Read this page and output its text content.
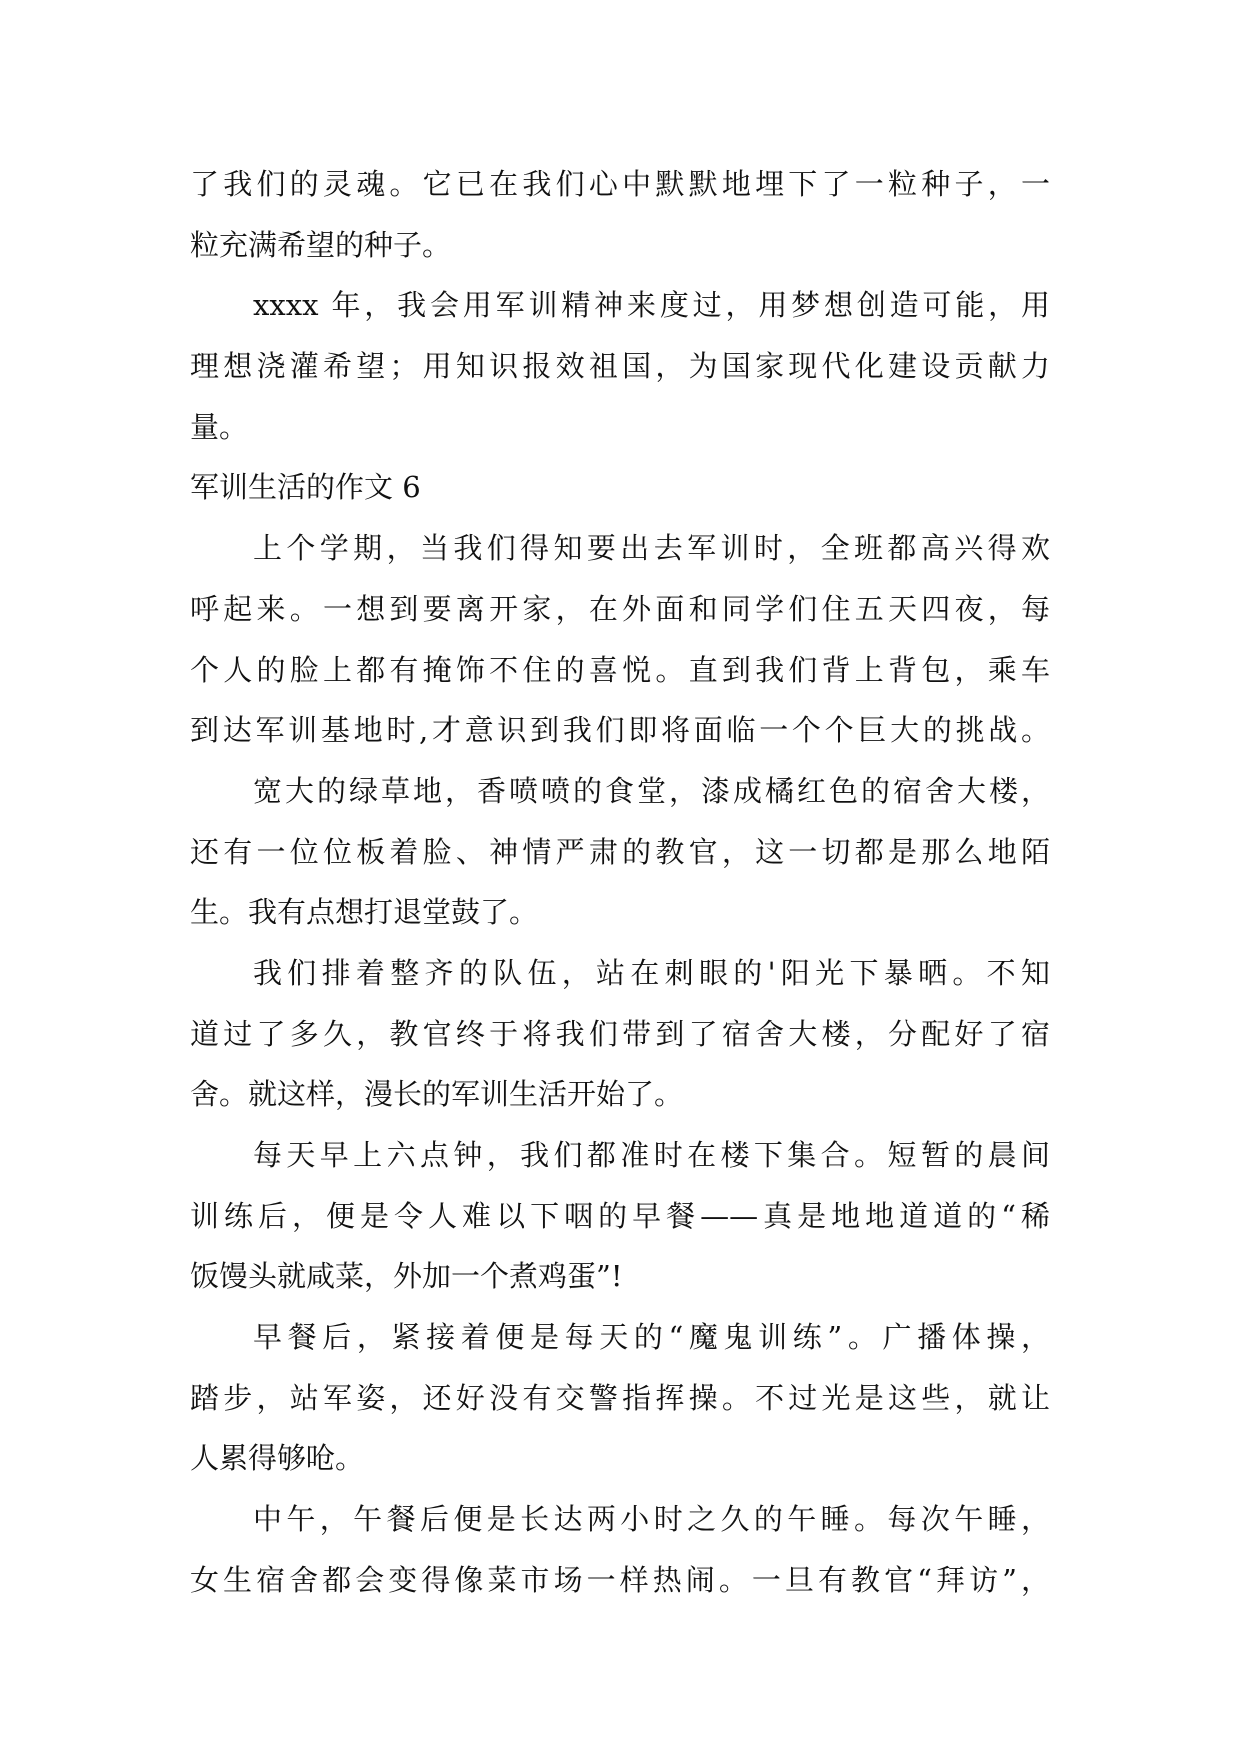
了我们的灵魂。它已在我们心中默默地埋下了一粒种子，一
粒充满希望的种子。
xxxx 年，我会用军训精神来度过，用梦想创造可能，用
理想浇灌希望；用知识报效祖国，为国家现代化建设贡献力
量。
军训生活的作文 6
上个学期，当我们得知要出去军训时，全班都高兴得欢
呼起来。一想到要离开家，在外面和同学们住五天四夜，每
个人的脸上都有掩饰不住的喜悦。直到我们背上背包，乘车
到达军训基地时,才意识到我们即将面临一个个巨大的挑战。
宽大的绿草地，香喷喷的食堂，漆成橘红色的宿舍大楼，
还有一位位板着脸、神情严肃的教官，这一切都是那么地陌
生。我有点想打退堂鼓了。
我们排着整齐的队伍，站在刺眼的'阳光下暴晒。不知
道过了多久，教官终于将我们带到了宿舍大楼，分配好了宿
舍。就这样，漫长的军训生活开始了。
每天早上六点钟，我们都准时在楼下集合。短暂的晨间
训练后，便是令人难以下咽的早餐——真是地地道道的“稀
饭馒头就咸菜，外加一个煮鸡蛋”!
早餐后，紧接着便是每天的“魔鬼训练”。广播体操，
踏步，站军姿，还好没有交警指挥操。不过光是这些，就让
人累得够呛。
中午，午餐后便是长达两小时之久的午睡。每次午睡，
女生宿舍都会变得像菜市场一样热闹。一旦有教官“拜访”，
